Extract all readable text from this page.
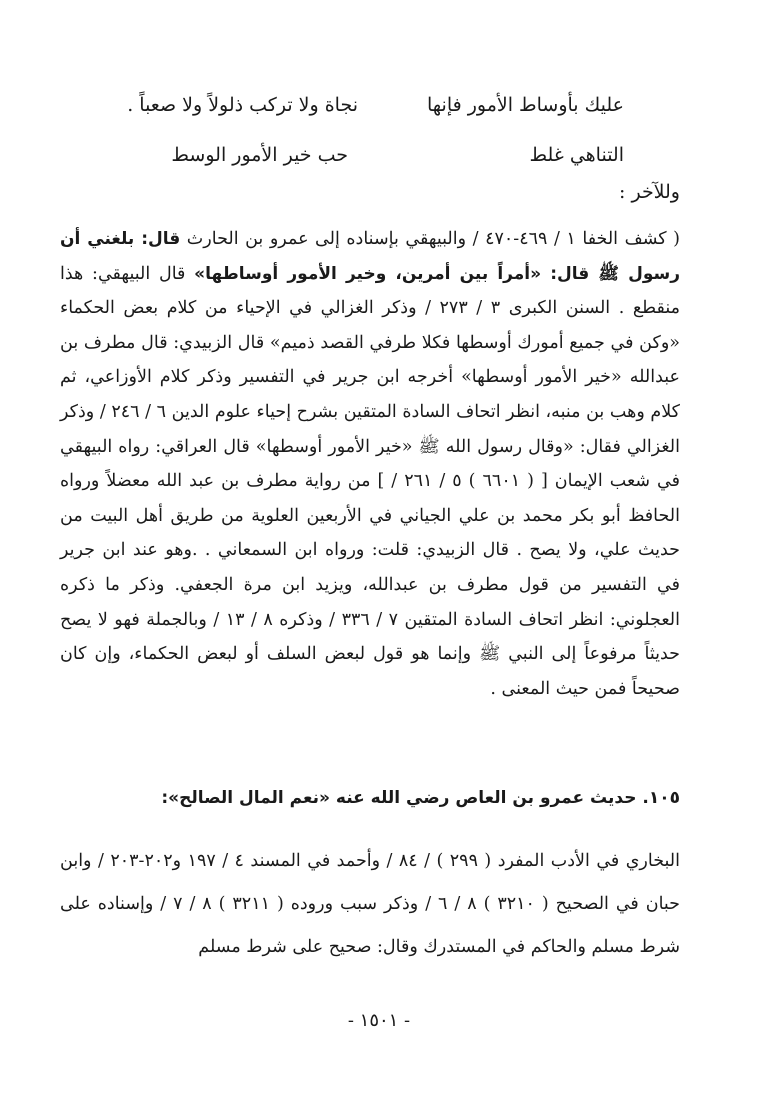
عليك بأوساط الأمور فإنها
نجاة ولا تركب ذلولاً ولا صعباً .
التناهي غلط
حب خير الأمور الوسط
وللآخر :
( كشف الخفا ١ / ٤٦٩-٤٧٠ / والبيهقي بإسناده إلى عمرو بن الحارث قال: بلغني أن رسول ﷺ قال: «أمراً بين أمرين، وخير الأمور أوساطها» قال البيهقي: هذا منقطع . السنن الكبرى ٣ / ٢٧٣ / وذكر الغزالي في الإحياء من كلام بعض الحكماء «وكن في جميع أمورك أوسطها فكلا طرفي القصد ذميم» قال الزبيدي: قال مطرف بن عبدالله «خير الأمور أوسطها» أخرجه ابن جرير في التفسير وذكر كلام الأوزاعي، ثم كلام وهب بن منبه، انظر اتحاف السادة المتقين بشرح إحياء علوم الدين ٦ / ٢٤٦ / وذكر الغزالي فقال: «وقال رسول الله ﷺ «خير الأمور أوسطها» قال العراقي: رواه البيهقي في شعب الإيمان [ ( ٦٦٠١ ) ٥ / ٢٦١ / ] من رواية مطرف بن عبد الله معضلاً ورواه الحافظ أبو بكر محمد بن علي الجياني في الأربعين العلوية من طريق أهل البيت من حديث علي، ولا يصح . قال الزبيدي: قلت: ورواه ابن السمعاني . .وهو عند ابن جرير في التفسير من قول مطرف بن عبدالله، ويزيد ابن مرة الجعفي. وذكر ما ذكره العجلوني: انظر اتحاف السادة المتقين ٧ / ٣٣٦ / وذكره ٨ / ١٣ / وبالجملة فهو لا يصح حديثاً مرفوعاً إلى النبي ﷺ وإنما هو قول لبعض السلف أو لبعض الحكماء، وإن كان صحيحاً فمن حيث المعنى .
١٠٥. حديث عمرو بن العاص رضي الله عنه «نعم المال الصالح»:
البخاري في الأدب المفرد ( ٢٩٩ ) / ٨٤ / وأحمد في المسند ٤ / ١٩٧ و٢٠٢-٢٠٣ / وابن حبان في الصحيح ( ٣٢١٠ ) ٨ / ٦ / وذكر سبب وروده ( ٣٢١١ ) ٨ / ٧ / وإسناده على شرط مسلم والحاكم في المستدرك وقال: صحيح على شرط مسلم
- ١٥٠١ -
